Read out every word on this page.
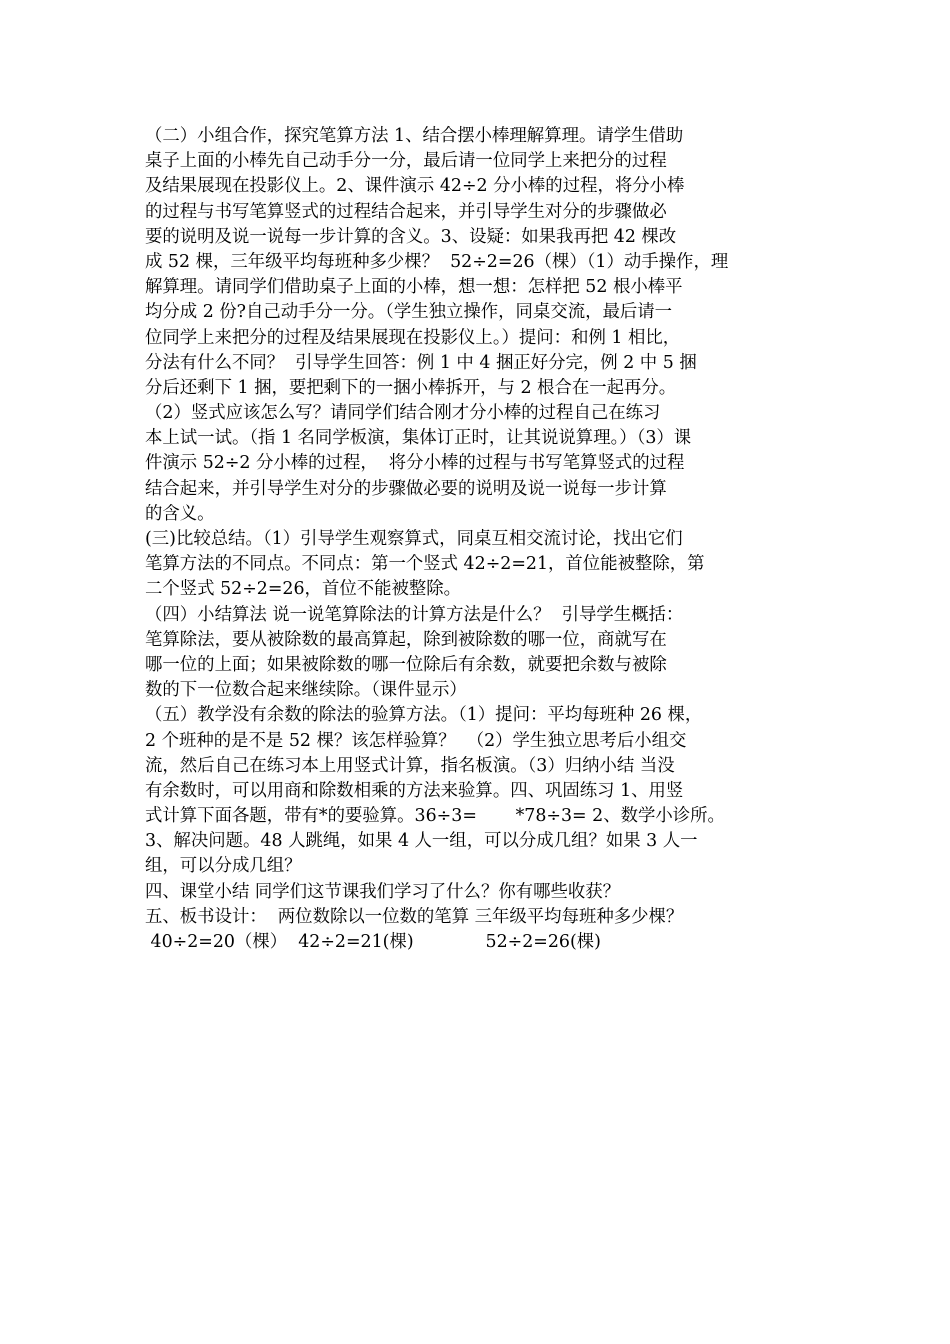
（二）小组合作，探究笔算方法 1、结合摆小棒理解算理。请学生借助
桌子上面的小棒先自己动手分一分，最后请一位同学上来把分的过程
及结果展现在投影仪上。2、课件演示 42÷2 分小棒的过程，将分小棒
的过程与书写笔算竖式的过程结合起来，并引导学生对分的步骤做必
要的说明及说一说每一步计算的含义。3、设疑：如果我再把 42 棵改
成 52 棵，三年级平均每班种多少棵？  52÷2=26（棵）（1）动手操作，理
解算理。请同学们借助桌子上面的小棒，想一想：怎样把 52 根小棒平
均分成 2 份?自己动手分一分。（学生独立操作，同桌交流，最后请一
位同学上来把分的过程及结果展现在投影仪上。）提问：和例 1 相比，
分法有什么不同？  引导学生回答：例 1 中 4 捆正好分完，例 2 中 5 捆
分后还剩下 1 捆，要把剩下的一捆小棒拆开，与 2 根合在一起再分。
（2）竖式应该怎么写？请同学们结合刚才分小棒的过程自己在练习
本上试一试。（指 1 名同学板演，集体订正时，让其说说算理。）（3）课
件演示 52÷2 分小棒的过程，  将分小棒的过程与书写笔算竖式的过程
结合起来，并引导学生对分的步骤做必要的说明及说一说每一步计算
的含义。
(三)比较总结。（1）引导学生观察算式，同桌互相交流讨论，找出它们
笔算方法的不同点。不同点：第一个竖式 42÷2=21，首位能被整除，第
二个竖式 52÷2=26，首位不能被整除。
（四）小结算法 说一说笔算除法的计算方法是什么？  引导学生概括：
笔算除法，要从被除数的最高算起，除到被除数的哪一位，商就写在
哪一位的上面；如果被除数的哪一位除后有余数，就要把余数与被除
数的下一位数合起来继续除。（课件显示）
（五）教学没有余数的除法的验算方法。（1）提问：平均每班种 26 棵，
2 个班种的是不是 52 棵？该怎样验算？  （2）学生独立思考后小组交
流，然后自己在练习本上用竖式计算，指名板演。（3）归纳小结 当没
有余数时，可以用商和除数相乘的方法来验算。四、巩固练习 1、用竖
式计算下面各题，带有*的要验算。36÷3=       *78÷3= 2、数学小诊所。
3、解决问题。48 人跳绳，如果 4 人一组，可以分成几组？如果 3 人一
组，可以分成几组？
四、课堂小结 同学们这节课我们学习了什么？你有哪些收获？
五、板书设计：  两位数除以一位数的笔算 三年级平均每班种多少棵？
40÷2=20（棵）  42÷2=21(棵)             52÷2=26(棵)
